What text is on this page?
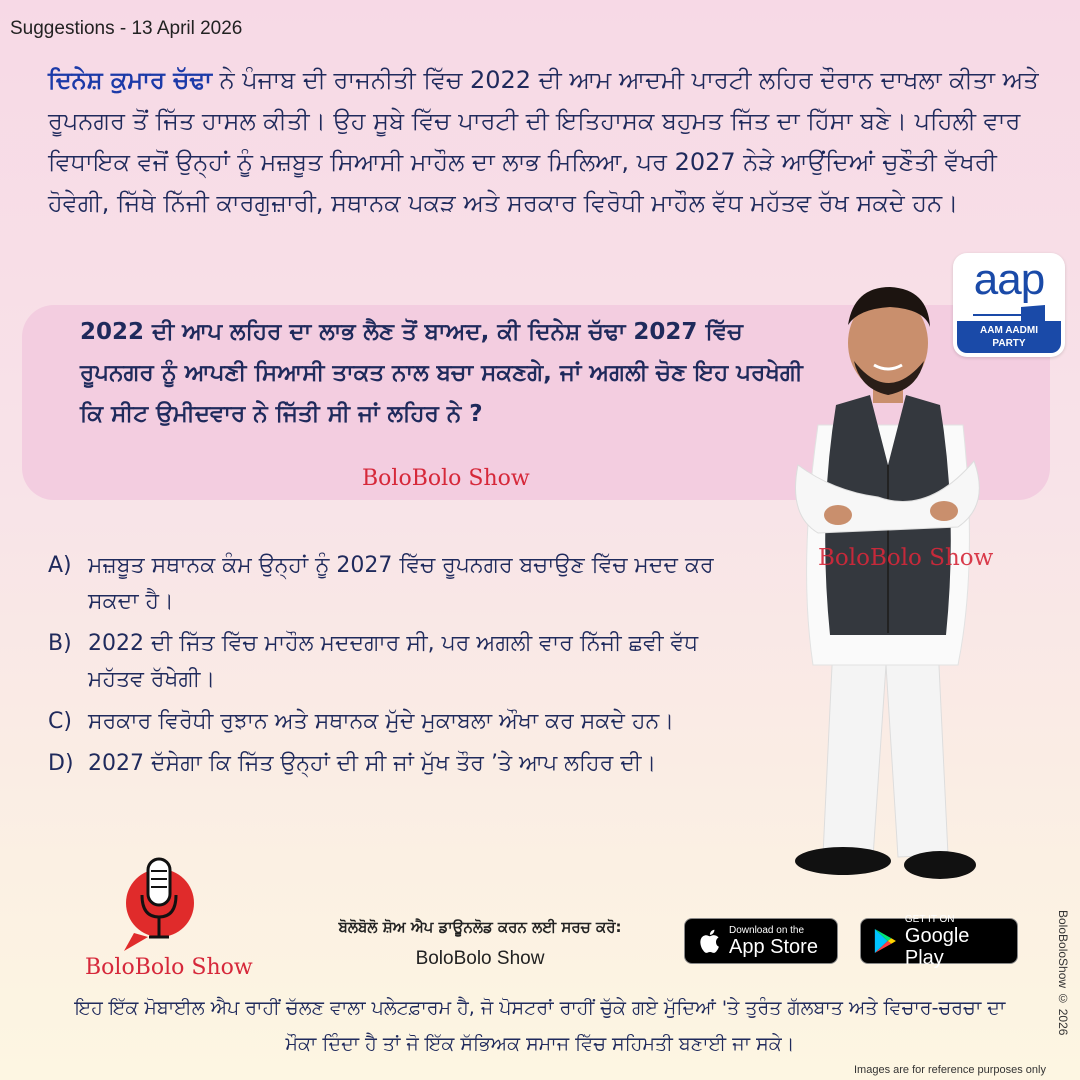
Suggestions - 13 April 2026
ਦਿਨੇਸ਼ ਕੁਮਾਰ ਚੱਢਾ ਨੇ ਪੰਜਾਬ ਦੀ ਰਾਜਨੀਤੀ ਵਿੱਚ 2022 ਦੀ ਆਮ ਆਦਮੀ ਪਾਰਟੀ ਲਹਿਰ ਦੌਰਾਨ ਦਾਖਲਾ ਕੀਤਾ ਅਤੇ ਰੂਪਨਗਰ ਤੋਂ ਜਿੱਤ ਹਾਸਲ ਕੀਤੀ। ਉਹ ਸੂਬੇ ਵਿੱਚ ਪਾਰਟੀ ਦੀ ਇਤਿਹਾਸਕ ਬਹੁਮਤ ਜਿੱਤ ਦਾ ਹਿੱਸਾ ਬਣੇ। ਪਹਿਲੀ ਵਾਰ ਵਿਧਾਇਕ ਵਜੋਂ ਉਨ੍ਹਾਂ ਨੂੰ ਮਜ਼ਬੂਤ ਸਿਆਸੀ ਮਾਹੌਲ ਦਾ ਲਾਭ ਮਿਲਿਆ, ਪਰ 2027 ਨੇੜੇ ਆਉਂਦਿਆਂ ਚੁਣੌਤੀ ਵੱਖਰੀ ਹੋਵੇਗੀ, ਜਿੱਥੇ ਨਿੱਜੀ ਕਾਰਗੁਜ਼ਾਰੀ, ਸਥਾਨਕ ਪਕੜ ਅਤੇ ਸਰਕਾਰ ਵਿਰੋਧੀ ਮਾਹੌਲ ਵੱਧ ਮਹੱਤਵ ਰੱਖ ਸਕਦੇ ਹਨ।
2022 ਦੀ ਆਪ ਲਹਿਰ ਦਾ ਲਾਭ ਲੈਣ ਤੋਂ ਬਾਅਦ, ਕੀ ਦਿਨੇਸ਼ ਚੱਢਾ 2027 ਵਿੱਚ ਰੂਪਨਗਰ ਨੂੰ ਆਪਣੀ ਸਿਆਸੀ ਤਾਕਤ ਨਾਲ ਬਚਾ ਸਕਣਗੇ, ਜਾਂ ਅਗਲੀ ਚੋਣ ਇਹ ਪਰਖੇਗੀ ਕਿ ਸੀਟ ਉਮੀਦਵਾਰ ਨੇ ਜਿੱਤੀ ਸੀ ਜਾਂ ਲਹਿਰ ਨੇ ?
BoloBolo Show
BoloBolo Show
aap
AAM AADMI
PARTY
A) ਮਜ਼ਬੂਤ ਸਥਾਨਕ ਕੰਮ ਉਨ੍ਹਾਂ ਨੂੰ 2027 ਵਿੱਚ ਰੂਪਨਗਰ ਬਚਾਉਣ ਵਿੱਚ ਮਦਦ ਕਰ ਸਕਦਾ ਹੈ।
B) 2022 ਦੀ ਜਿੱਤ ਵਿੱਚ ਮਾਹੌਲ ਮਦਦਗਾਰ ਸੀ, ਪਰ ਅਗਲੀ ਵਾਰ ਨਿੱਜੀ ਛਵੀ ਵੱਧ ਮਹੱਤਵ ਰੱਖੇਗੀ।
C) ਸਰਕਾਰ ਵਿਰੋਧੀ ਰੁਝਾਨ ਅਤੇ ਸਥਾਨਕ ਮੁੱਦੇ ਮੁਕਾਬਲਾ ਔਖਾ ਕਰ ਸਕਦੇ ਹਨ।
D) 2027 ਦੱਸੇਗਾ ਕਿ ਜਿੱਤ ਉਨ੍ਹਾਂ ਦੀ ਸੀ ਜਾਂ ਮੁੱਖ ਤੌਰ ’ਤੇ ਆਪ ਲਹਿਰ ਦੀ।
BoloBolo Show
ਬੋਲੋਬੋਲੋ ਸ਼ੋਅ ਐਪ ਡਾਊਨਲੋਡ ਕਰਨ ਲਈ ਸਰਚ ਕਰੋ:
BoloBolo Show
Download on the
App Store
GET IT ON
Google Play
ਇਹ ਇੱਕ ਮੋਬਾਈਲ ਐਪ ਰਾਹੀਂ ਚੱਲਣ ਵਾਲਾ ਪਲੇਟਫ਼ਾਰਮ ਹੈ, ਜੋ ਪੋਸਟਰਾਂ ਰਾਹੀਂ ਚੁੱਕੇ ਗਏ ਮੁੱਦਿਆਂ 'ਤੇ ਤੁਰੰਤ ਗੱਲਬਾਤ ਅਤੇ ਵਿਚਾਰ-ਚਰਚਾ ਦਾ ਮੌਕਾ ਦਿੰਦਾ ਹੈ ਤਾਂ ਜੋ ਇੱਕ ਸੱਭਿਅਕ ਸਮਾਜ ਵਿੱਚ ਸਹਿਮਤੀ ਬਣਾਈ ਜਾ ਸਕੇ।
BoloBoloShow © 2026
Images are for reference purposes only
